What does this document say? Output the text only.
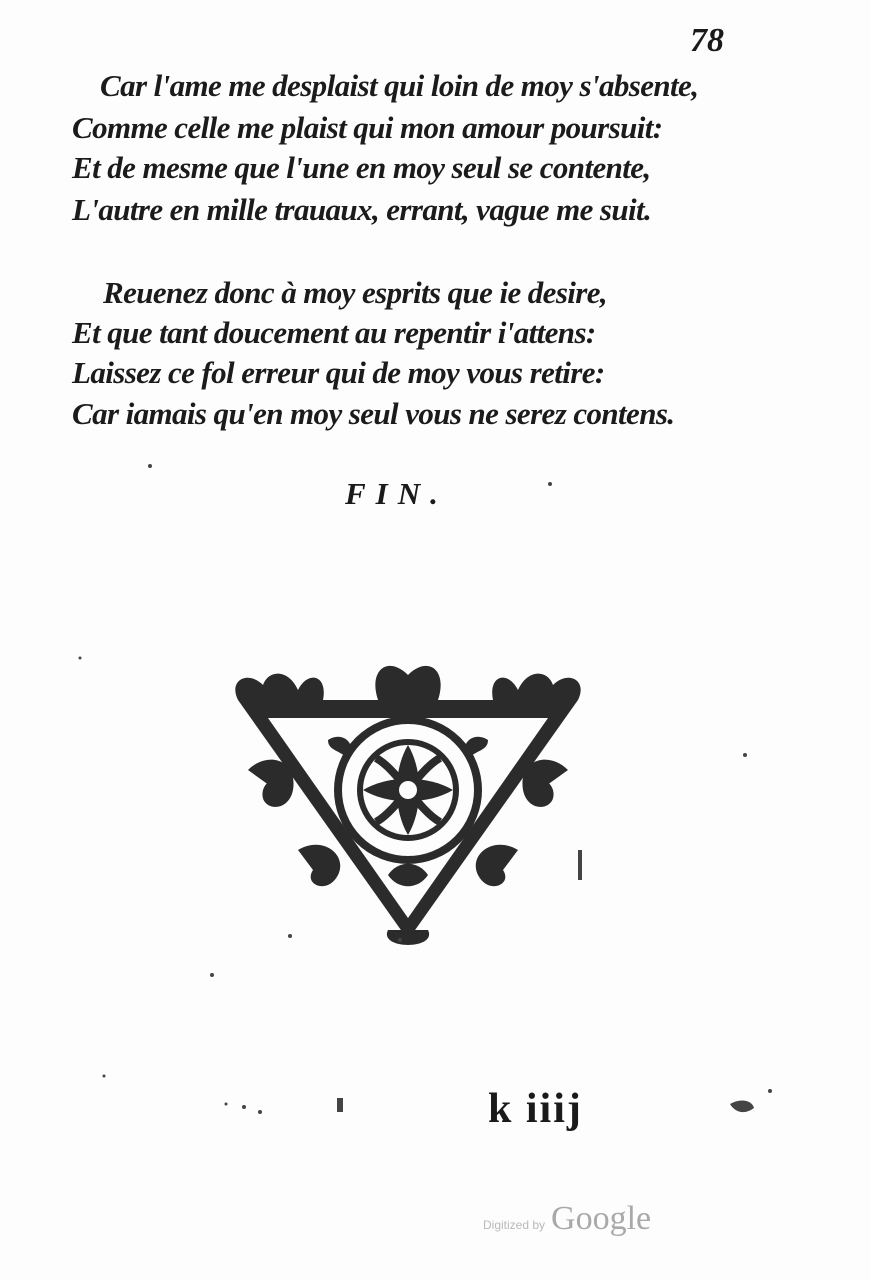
78
Car l'ame me desplaist qui loin de moy s'absente,
Comme celle me plaist qui mon amour poursuit:
Et de mesme que l'une en moy seul se contente,
L'autre en mille trauaux, errant, vague me suit.
Reuenez donc à moy esprits que ie desire,
Et que tant doucement au repentir i'attens:
Laissez ce fol erreur qui de moy vous retire:
Car iamais qu'en moy seul vous ne serez contens.
FIN.
k iiij
Digitized by Google
